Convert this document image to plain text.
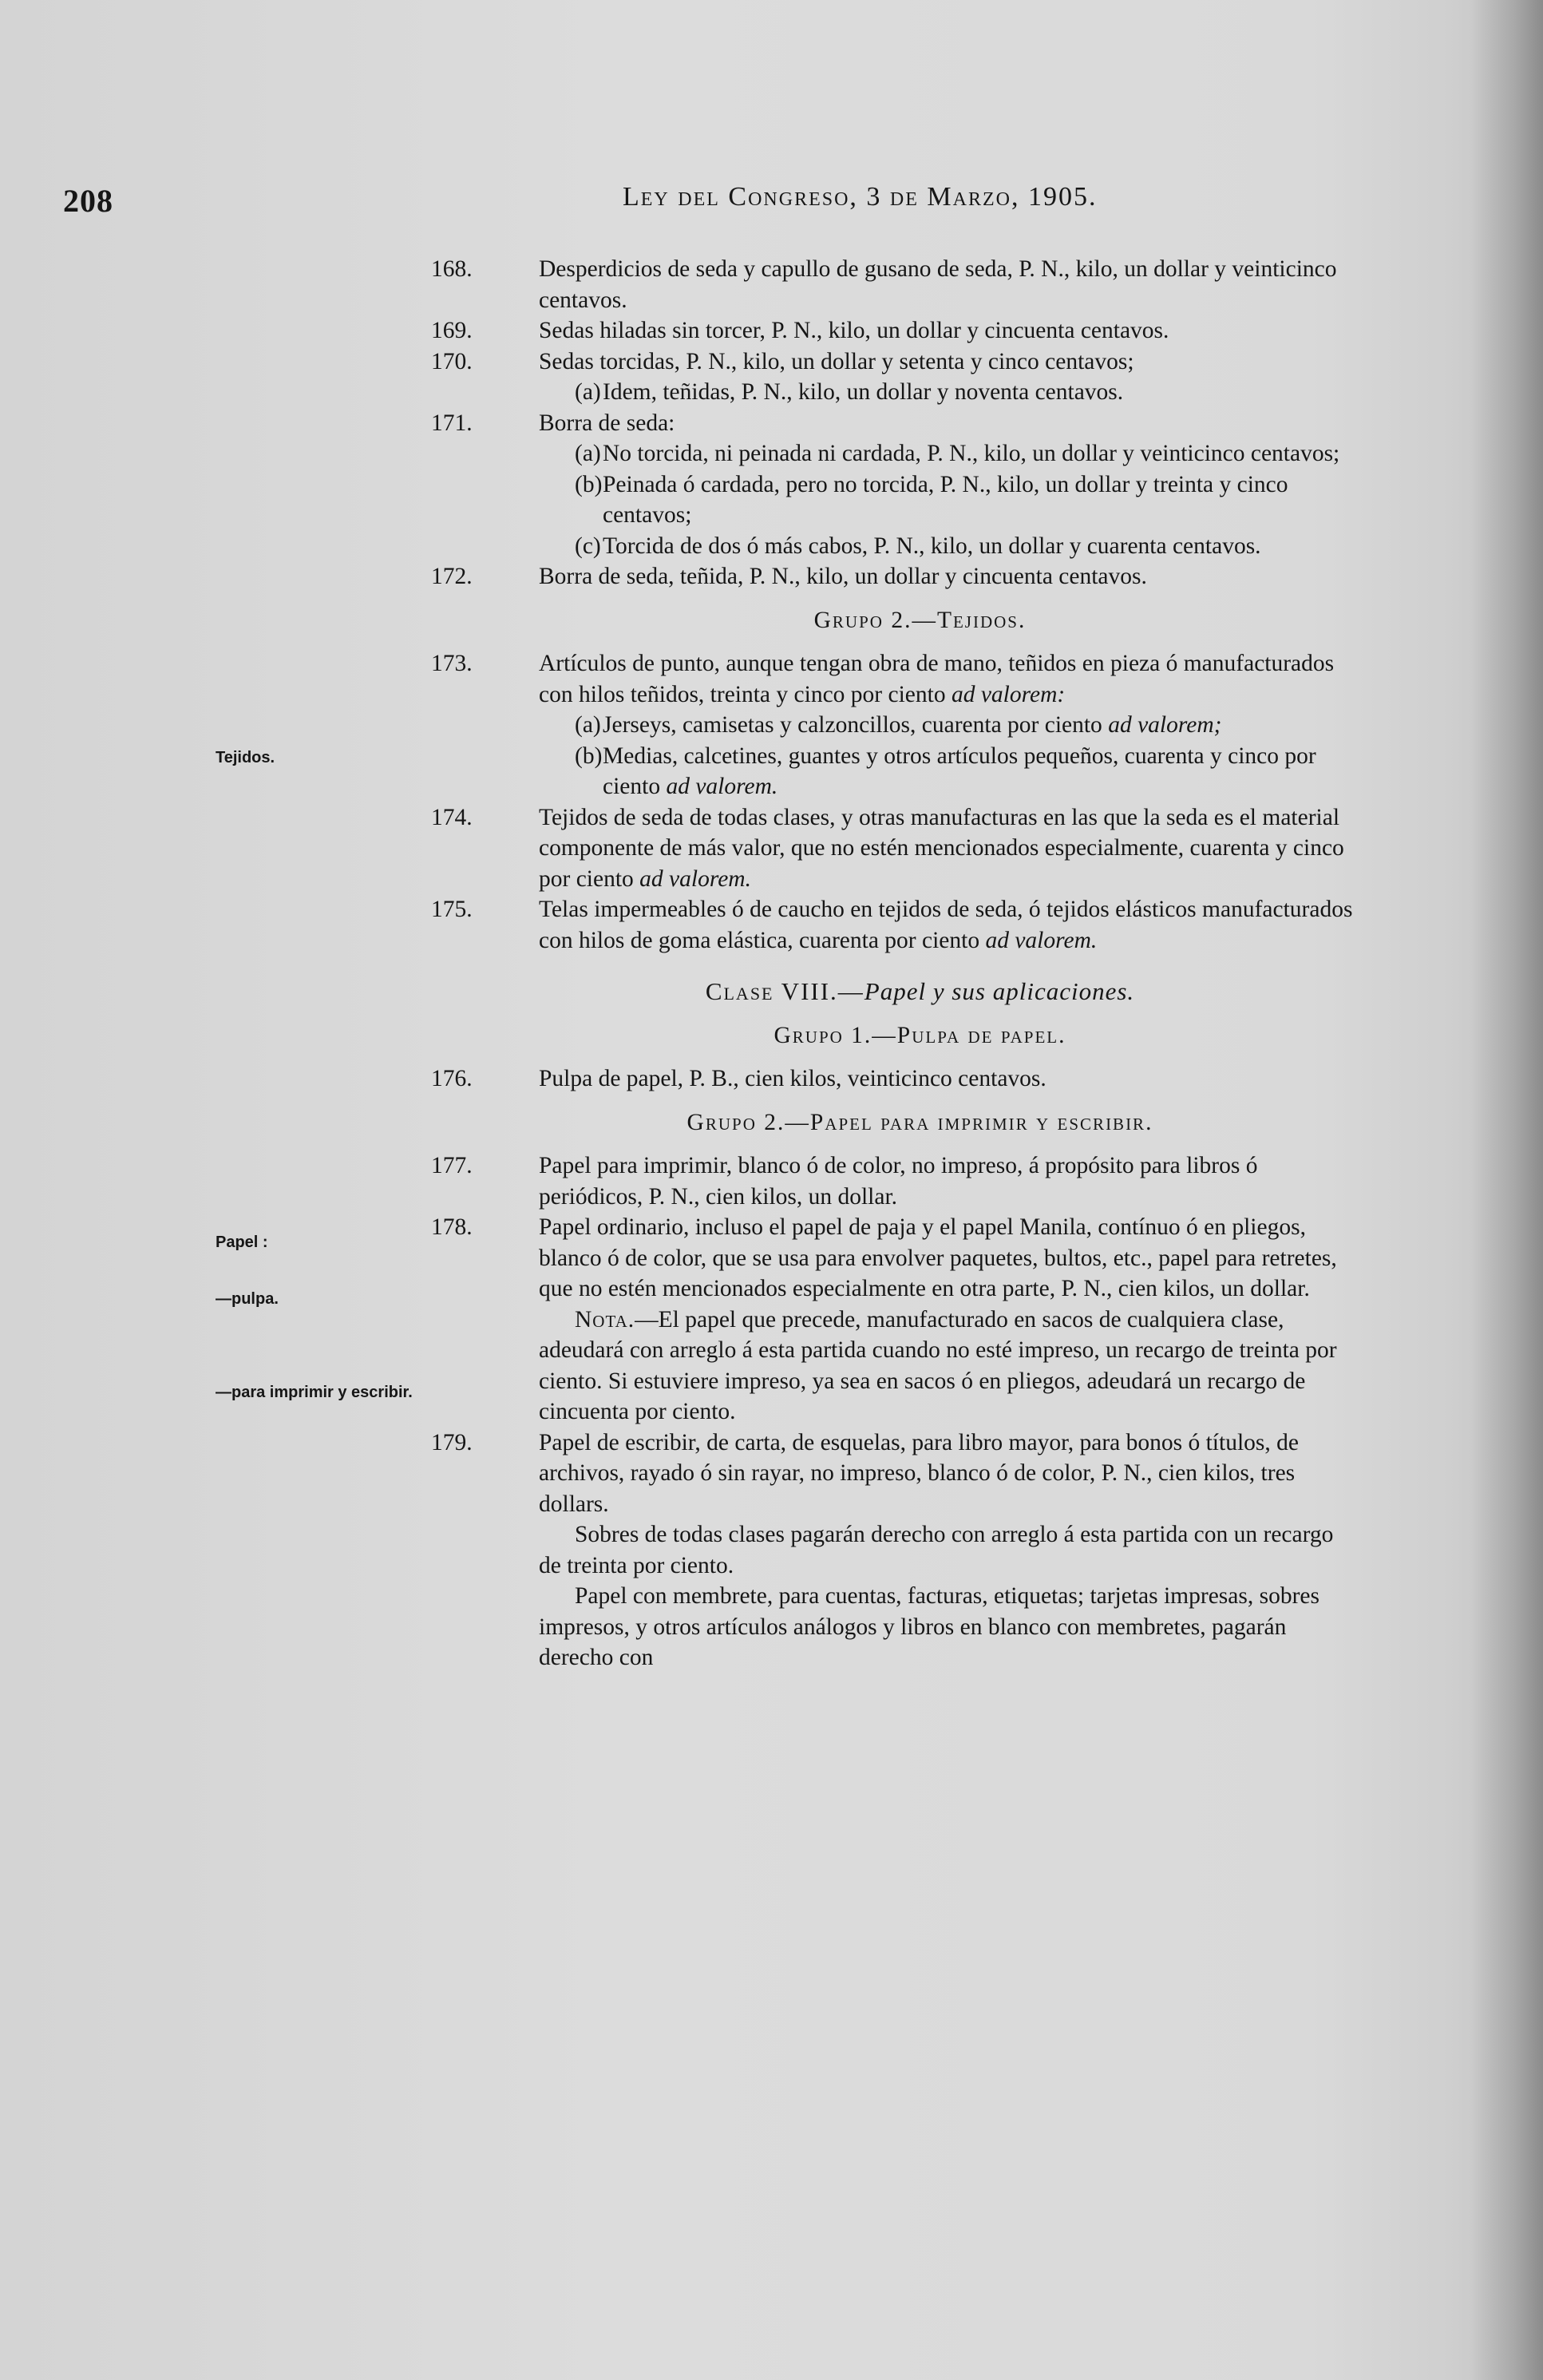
208	Ley del Congreso, 3 de Marzo, 1905.
Tejidos.
Papel :
—pulpa.
—para imprimir y escribir.

168.	Desperdicios de seda y capullo de gusano de seda, P. N., kilo, un dollar y veinticinco centavos.

169.	Sedas hiladas sin torcer, P. N., kilo, un dollar y cincuenta centavos.

170.	Sedas torcidas, P. N., kilo, un dollar y setenta y cinco centavos;

(a) Idem, teñidas, P. N., kilo, un dollar y noventa centavos.

171.	Borra de seda:

(a) No torcida, ni peinada ni cardada, P. N., kilo, un dollar y veinticinco centavos;

(b) Peinada ó cardada, pero no torcida, P. N., kilo, un dollar y treinta y cinco centavos;

(c) Torcida de dos ó más cabos, P. N., kilo, un dollar y cuarenta centavos.

172.	Borra de seda, teñida, P. N., kilo, un dollar y cincuenta centavos.

Grupo 2.—Tejidos.

173.	Artículos de punto, aunque tengan obra de mano, teñidos en pieza ó manufacturados con hilos teñidos, treinta y cinco por ciento ad valorem:

(a) Jerseys, camisetas y calzoncillos, cuarenta por ciento ad valorem;

(b) Medias, calcetines, guantes y otros artículos pequeños, cuarenta y cinco por ciento ad valorem.

174.	Tejidos de seda de todas clases, y otras manufacturas en las que la seda es el material componente de más valor, que no estén mencionados especialmente, cuarenta y cinco por ciento ad valorem.

175.	Telas impermeables ó de caucho en tejidos de seda, ó tejidos elásticos manufacturados con hilos de goma elástica, cuarenta por ciento ad valorem.

Clase VIII.—Papel y sus aplicaciones.
Grupo 1.—Pulpa de papel.

176.	Pulpa de papel, P. B., cien kilos, veinticinco centavos.

Grupo 2.—Papel para imprimir y escribir.

177.	Papel para imprimir, blanco ó de color, no impreso, á propósito para libros ó periódicos, P. N., cien kilos, un dollar.

178.	Papel ordinario, incluso el papel de paja y el papel Manila, contínuo ó en pliegos, blanco ó de color, que se usa para envolver paquetes, bultos, etc., papel para retretes, que no estén mencionados especialmente en otra parte, P. N., cien kilos, un dollar.

Nota.—El papel que precede, manufacturado en sacos de cualquiera clase, adeudará con arreglo á esta partida cuando no esté impreso, un recargo de treinta por ciento. Si estuviere impreso, ya sea en sacos ó en pliegos, adeudará un recargo de cincuenta por ciento.

179.	Papel de escribir, de carta, de esquelas, para libro mayor, para bonos ó títulos, de archivos, rayado ó sin rayar, no impreso, blanco ó de color, P. N., cien kilos, tres dollars.

Sobres de todas clases pagarán derecho con arreglo á esta partida con un recargo de treinta por ciento.

Papel con membrete, para cuentas, facturas, etiquetas; tarjetas impresas, sobres impresos, y otros artículos análogos y libros en blanco con membretes, pagarán derecho con
